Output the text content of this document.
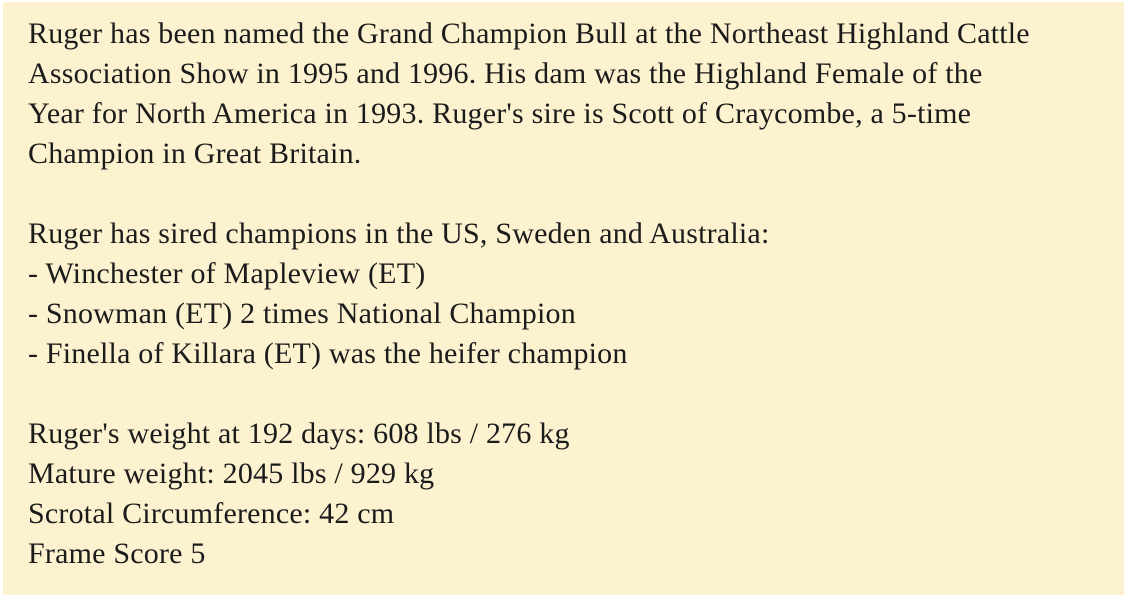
Ruger has been named the Grand Champion Bull at the Northeast Highland Cattle
Association Show in 1995 and 1996. His dam was the Highland Female of the
Year for North America in 1993. Ruger's sire is Scott of Craycombe, a 5-time
Champion in Great Britain.
Ruger has sired champions in the US, Sweden and Australia:
- Winchester of Mapleview (ET)
- Snowman (ET) 2 times National Champion
- Finella of Killara (ET) was the heifer champion
Ruger's weight at 192 days: 608 lbs / 276 kg
Mature weight: 2045 lbs / 929 kg
Scrotal Circumference: 42 cm
Frame Score 5
